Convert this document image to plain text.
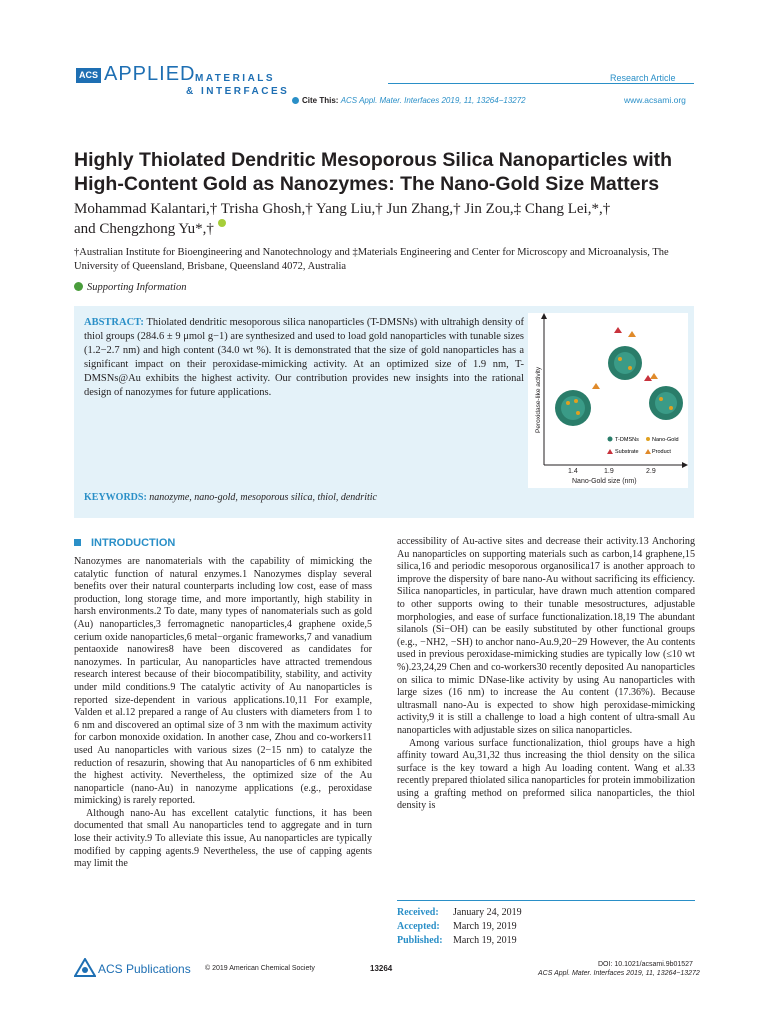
ACS APPLIED MATERIALS
& INTERFACES
Research Article
Cite This: ACS Appl. Mater. Interfaces 2019, 11, 13264−13272	www.acsami.org
Highly Thiolated Dendritic Mesoporous Silica Nanoparticles with
High-Content Gold as Nanozymes: The Nano-Gold Size Matters
Mohammad Kalantari,† Trisha Ghosh,† Yang Liu,† Jun Zhang,† Jin Zou,‡ Chang Lei,*,†
and Chengzhong Yu*,†
†Australian Institute for Bioengineering and Nanotechnology and ‡Materials Engineering and Center for Microscopy and Microanalysis, The University of Queensland, Brisbane, Queensland 4072, Australia
Supporting Information
ABSTRACT: Thiolated dendritic mesoporous silica nanoparticles (T-DMSNs) with ultrahigh density of thiol groups (284.6 ± 9 μmol g−1) are synthesized and used to load gold nanoparticles with tunable sizes (1.2−2.7 nm) and high content (34.0 wt %). It is demonstrated that the size of gold nanoparticles has a significant impact on their peroxidase-mimicking activity. At an optimized size of 1.9 nm, T-DMSNs@Au exhibits the highest activity. Our contribution provides new insights into the rational design of nanozymes for future applications.	Peroxidase-like activity
1.4	1.9	2.9
Nano-Gold size (nm)
T-DMSNs Nano-Gold
Substrate Product
KEYWORDS: nanozyme, nano-gold, mesoporous silica, thiol, dendritic
INTRODUCTION

Nanozymes are nanomaterials with the capability of mimicking the catalytic function of natural enzymes.1 Nanozymes display several benefits over their natural counterparts including low cost, ease of mass production, long storage time, and more importantly, high stability in harsh environments.2 To date, many types of nanomaterials such as gold (Au) nanoparticles,3 ferromagnetic nanoparticles,4 graphene oxide,5 cerium oxide nanoparticles,6 metal−organic frameworks,7 and vanadium pentaoxide nanowires8 have been discovered as candidates for nanozymes. In particular, Au nanoparticles have attracted tremendous research interest because of their biocompatibility, stability, and activity under mild conditions.9 The catalytic activity of Au nanoparticles is reported size-dependent in various applications.10,11 For example, Valden et al.12 prepared a range of Au clusters with diameters from 1 to 6 nm and discovered an optimal size of 3 nm with the maximum activity for carbon monoxide oxidation. In another case, Zhou and co-workers11 used Au nanoparticles with various sizes (2−15 nm) to catalyze the reduction of resazurin, showing that Au nanoparticles of 6 nm exhibited the highest activity. Nevertheless, the optimized size of the Au nanoparticle (nano-Au) in nanozyme applications (e.g., peroxidase mimicking) is rarely reported.

Although nano-Au has excellent catalytic functions, it has been documented that small Au nanoparticles tend to aggregate and in turn lose their activity.9 To alleviate this issue, Au nanoparticles are typically modified by capping agents.9 Nevertheless, the use of capping agents may limit the

accessibility of Au-active sites and decrease their activity.13 Anchoring Au nanoparticles on supporting materials such as carbon,14 graphene,15 silica,16 and periodic mesoporous organosilica17 is another approach to improve the dispersity of bare nano-Au without sacrificing its efficiency. Silica nanoparticles, in particular, have drawn much attention compared to other supports owing to their tunable mesostructures, adjustable morphologies, and ease of surface functionalization.18,19 The abundant silanols (Si−OH) can be easily substituted by other functional groups (e.g., −NH2, −SH) to anchor nano-Au.9,20−29 However, the Au contents used in previous peroxidase-mimicking studies are typically low (≤10 wt %).23,24,29 Chen and co-workers30 recently deposited Au nanoparticles on silica to mimic DNase-like activity by using Au nanoparticles with large sizes (16 nm) to increase the Au content (17.36%). Because ultrasmall nano-Au is expected to show high peroxidase-mimicking activity,9 it is still a challenge to load a high content of ultra-small Au nanoparticles with adjustable sizes on silica nanoparticles.

Among various surface functionalization, thiol groups have a high affinity toward Au,31,32 thus increasing the thiol density on the silica surface is the key toward a high Au loading content. Wang et al.33 recently prepared thiolated silica nanoparticles for protein immobilization using a grafting method on preformed silica nanoparticles, the thiol density is

Received: January 24, 2019
Accepted: March 19, 2019
Published: March 19, 2019
ACS Publications © 2019 American Chemical Society	13264	DOI: 10.1021/acsami.9b01527
ACS Appl. Mater. Interfaces 2019, 11, 13264−13272
